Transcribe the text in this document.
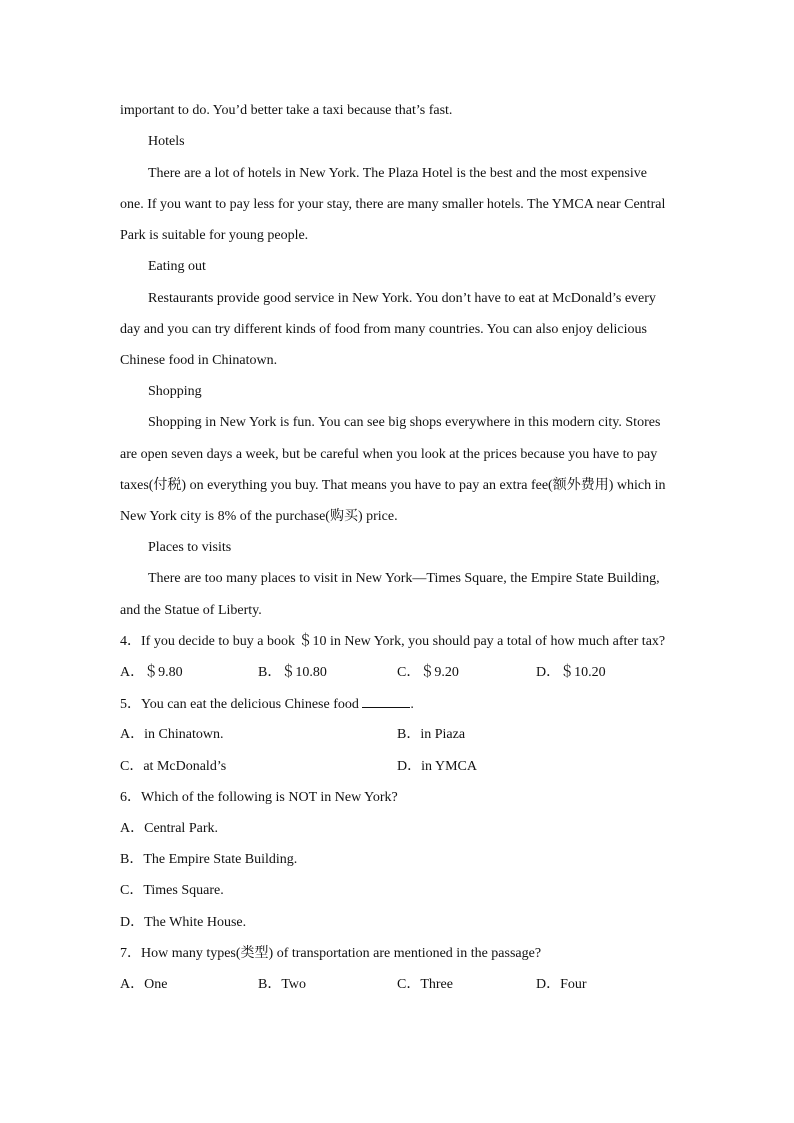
important to do. You’d better take a taxi because that’s fast.
Hotels
There are a lot of hotels in New York. The Plaza Hotel is the best and the most expensive
one. If you want to pay less for your stay, there are many smaller hotels. The YMCA near Central
Park is suitable for young people.
Eating out
Restaurants provide good service in New York. You don’t have to eat at McDonald’s every
day and you can try different kinds of food from many countries. You can also enjoy delicious
Chinese food in Chinatown.
Shopping
Shopping in New York is fun. You can see big shops everywhere in this modern city. Stores
are open seven days a week, but be careful when you look at the prices because you have to pay
taxes(付税) on everything you buy. That means you have to pay an extra fee(额外费用) which in
New York city is 8% of the purchase(购买) price.
Places to visits
There are too many places to visit in New York—Times Square, the Empire State Building,
and the Statue of Liberty.
4．If you decide to buy a book ＄10 in New York, you should pay a total of how much after tax?
A．＄9.80	B．＄10.80	C．＄9.20	D．＄10.20
5．You can eat the delicious Chinese food	.
A．in Chinatown.	B．in Piaza
C．at McDonald’s	D．in YMCA
6．Which of the following is NOT in New York?
A．Central Park.
B．The Empire State Building.
C．Times Square.
D．The White House.
7．How many types(类型) of transportation are mentioned in the passage?
A．One	B．Two	C．Three	D．Four
